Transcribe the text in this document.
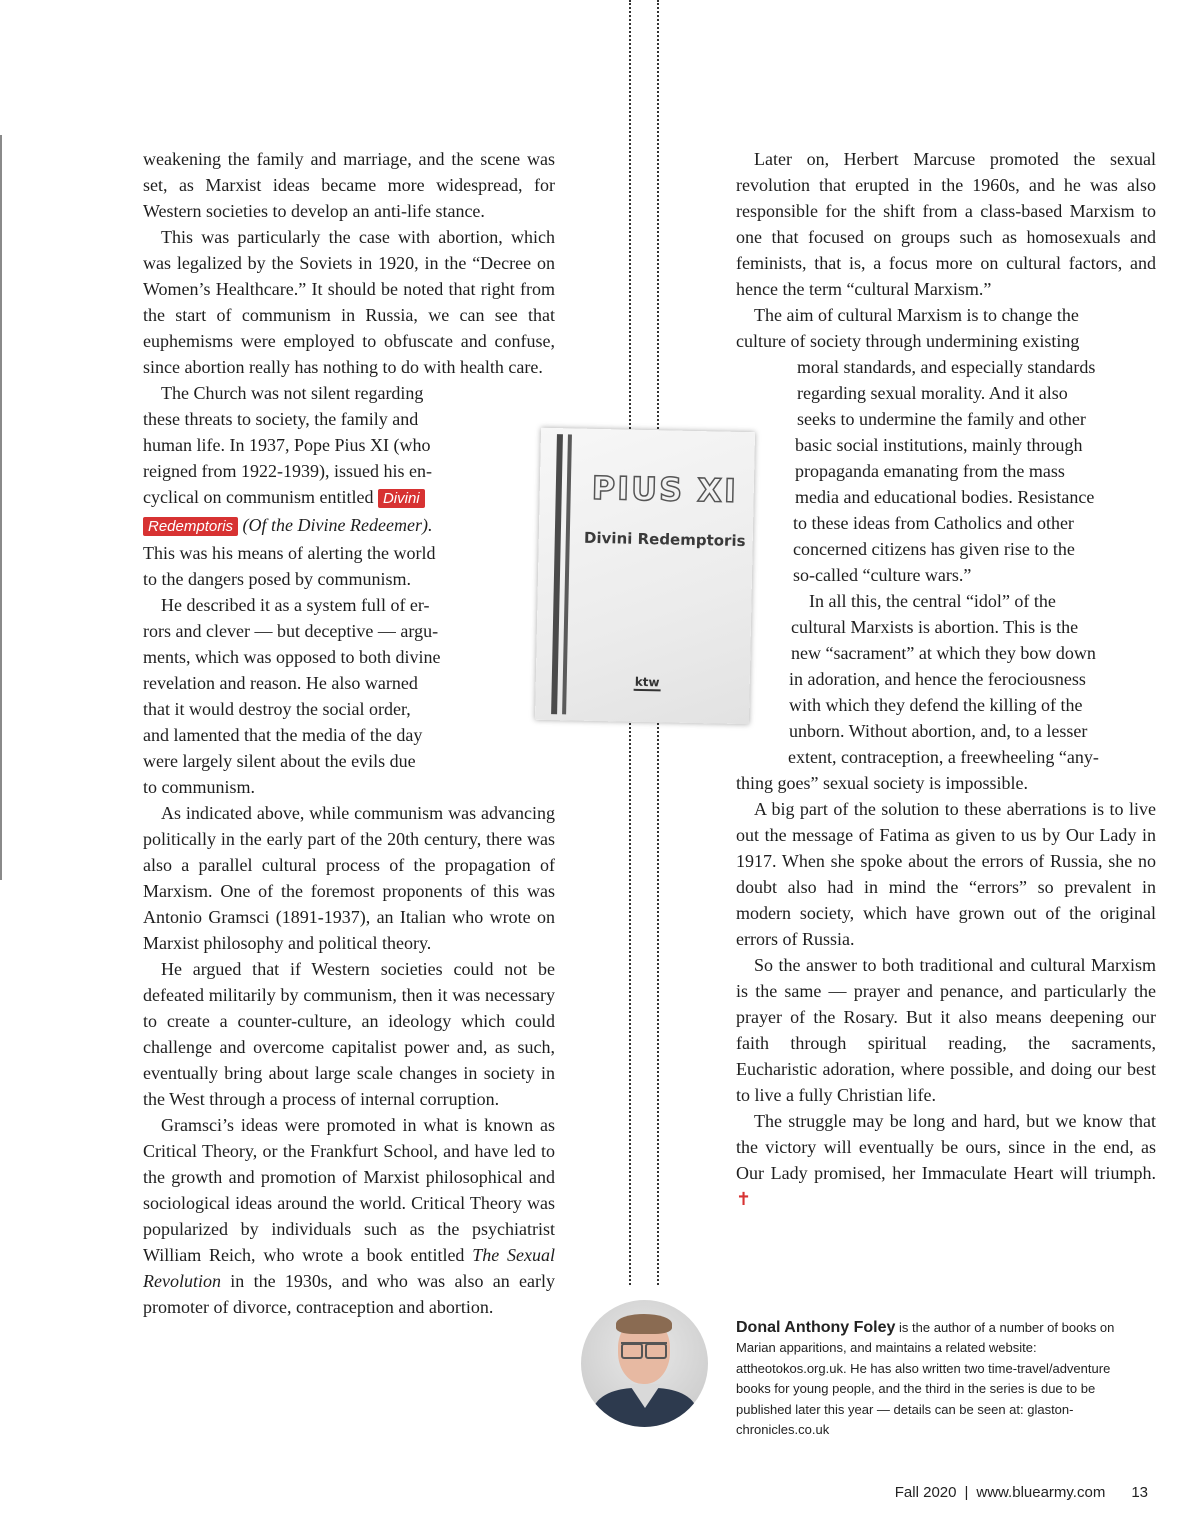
weakening the family and marriage, and the scene was set, as Marxist ideas became more widespread, for Western societies to develop an anti-life stance.

This was particularly the case with abortion, which was legalized by the Soviets in 1920, in the “Decree on Women’s Healthcare.” It should be noted that right from the start of communism in Russia, we can see that euphemisms were employed to obfuscate and confuse, since abortion really has nothing to do with health care.

The Church was not silent regarding
these threats to society, the family and
human life. In 1937, Pope Pius XI (who
reigned from 1922-1939), issued his en-
cyclical on communism entitled Divini
Redemptoris (Of the Divine Redeemer).
This was his means of alerting the world
to the dangers posed by communism.

He described it as a system full of er-
rors and clever — but deceptive — argu-
ments, which was opposed to both divine
revelation and reason. He also warned
that it would destroy the social order,
and lamented that the media of the day
were largely silent about the evils due
to communism.

As indicated above, while communism was advancing politically in the early part of the 20th century, there was also a parallel cultural process of the propagation of Marxism. One of the foremost proponents of this was Antonio Gramsci (1891-1937), an Italian who wrote on Marxist philosophy and political theory.

He argued that if Western societies could not be defeated militarily by communism, then it was necessary to create a counter-culture, an ideology which could challenge and overcome capitalist power and, as such, eventually bring about large scale changes in society in the West through a process of internal corruption.

Gramsci’s ideas were promoted in what is known as Critical Theory, or the Frankfurt School, and have led to the growth and promotion of Marxist philosophical and sociological ideas around the world. Critical Theory was popularized by individuals such as the psychiatrist William Reich, who wrote a book entitled The Sexual Revolution in the 1930s, and who was also an early promoter of divorce, contraception and abortion.

PIUS XI
Divini Redemptoris
ktw

Later on, Herbert Marcuse promoted the sexual revolution that erupted in the 1960s, and he was also responsible for the shift from a class-based Marxism to one that focused on groups such as homosexuals and feminists, that is, a focus more on cultural factors, and hence the term “cultural Marxism.”

The aim of cultural Marxism is to change the
culture of society through undermining existing
moral standards, and especially standards
regarding sexual morality. And it also
seeks to undermine the family and other
basic social institutions, mainly through
propaganda emanating from the mass
media and educational bodies. Resistance
to these ideas from Catholics and other
concerned citizens has given rise to the
so-called “culture wars.”

In all this, the central “idol” of the
cultural Marxists is abortion. This is the
new “sacrament” at which they bow down
in adoration, and hence the ferociousness
with which they defend the killing of the
unborn. Without abortion, and, to a lesser
extent, contraception, a freewheeling “any-
thing goes” sexual society is impossible.

A big part of the solution to these aberrations is to live out the message of Fatima as given to us by Our Lady in 1917. When she spoke about the errors of Russia, she no doubt also had in mind the “errors” so prevalent in modern society, which have grown out of the original errors of Russia.

So the answer to both traditional and cultural Marxism is the same — prayer and penance, and particularly the prayer of the Rosary. But it also means deepening our faith through spiritual reading, the sacraments, Eucharistic adoration, where possible, and doing our best to live a fully Christian life.

The struggle may be long and hard, but we know that the victory will eventually be ours, since in the end, as Our Lady promised, her Immaculate Heart will triumph. ✝

Donal Anthony Foley is the author of a number of books on Marian apparitions, and maintains a related website: attheotokos.org.uk. He has also written two time-travel/adventure books for young people, and the third in the series is due to be published later this year — details can be seen at: glaston-chronicles.co.uk
Fall 2020 | www.bluearmy.com 13
